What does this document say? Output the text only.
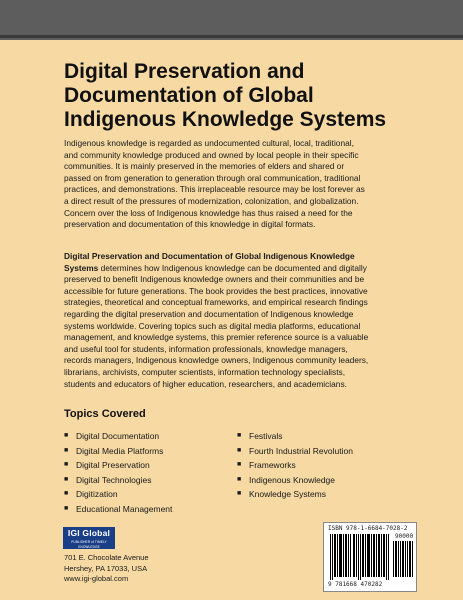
Digital Preservation and
Documentation of Global
Indigenous Knowledge Systems

Indigenous knowledge is regarded as undocumented cultural, local, traditional,
and community knowledge produced and owned by local people in their specific
communities. It is mainly preserved in the memories of elders and shared or
passed on from generation to generation through oral communication, traditional
practices, and demonstrations. This irreplaceable resource may be lost forever as
a direct result of the pressures of modernization, colonization, and globalization.
Concern over the loss of Indigenous knowledge has thus raised a need for the
preservation and documentation of this knowledge in digital formats.

Digital Preservation and Documentation of Global Indigenous Knowledge
Systems determines how Indigenous knowledge can be documented and digitally
preserved to benefit Indigenous knowledge owners and their communities and be
accessible for future generations. The book provides the best practices, innovative
strategies, theoretical and conceptual frameworks, and empirical research findings
regarding the digital preservation and documentation of Indigenous knowledge
systems worldwide. Covering topics such as digital media platforms, educational
management, and knowledge systems, this premier reference source is a valuable
and useful tool for students, information professionals, knowledge managers,
records managers, Indigenous knowledge owners, Indigenous community leaders,
librarians, archivists, computer scientists, information technology specialists,
students and educators of higher education, researchers, and academicians.

Topics Covered
■ Digital Documentation
■ Digital Media Platforms
■ Digital Preservation
■ Digital Technologies
■ Digitization
■ Educational Management
■ Festivals
■ Fourth Industrial Revolution
■ Frameworks
■ Indigenous Knowledge
■ Knowledge Systems
IGI Global
PUBLISHER of TIMELY KNOWLEDGE
701 E. Chocolate Avenue
Hershey, PA 17033, USA
www.igi-global.com
ISBN 978-1-6684-7028-2
90000
9 781668 470282
